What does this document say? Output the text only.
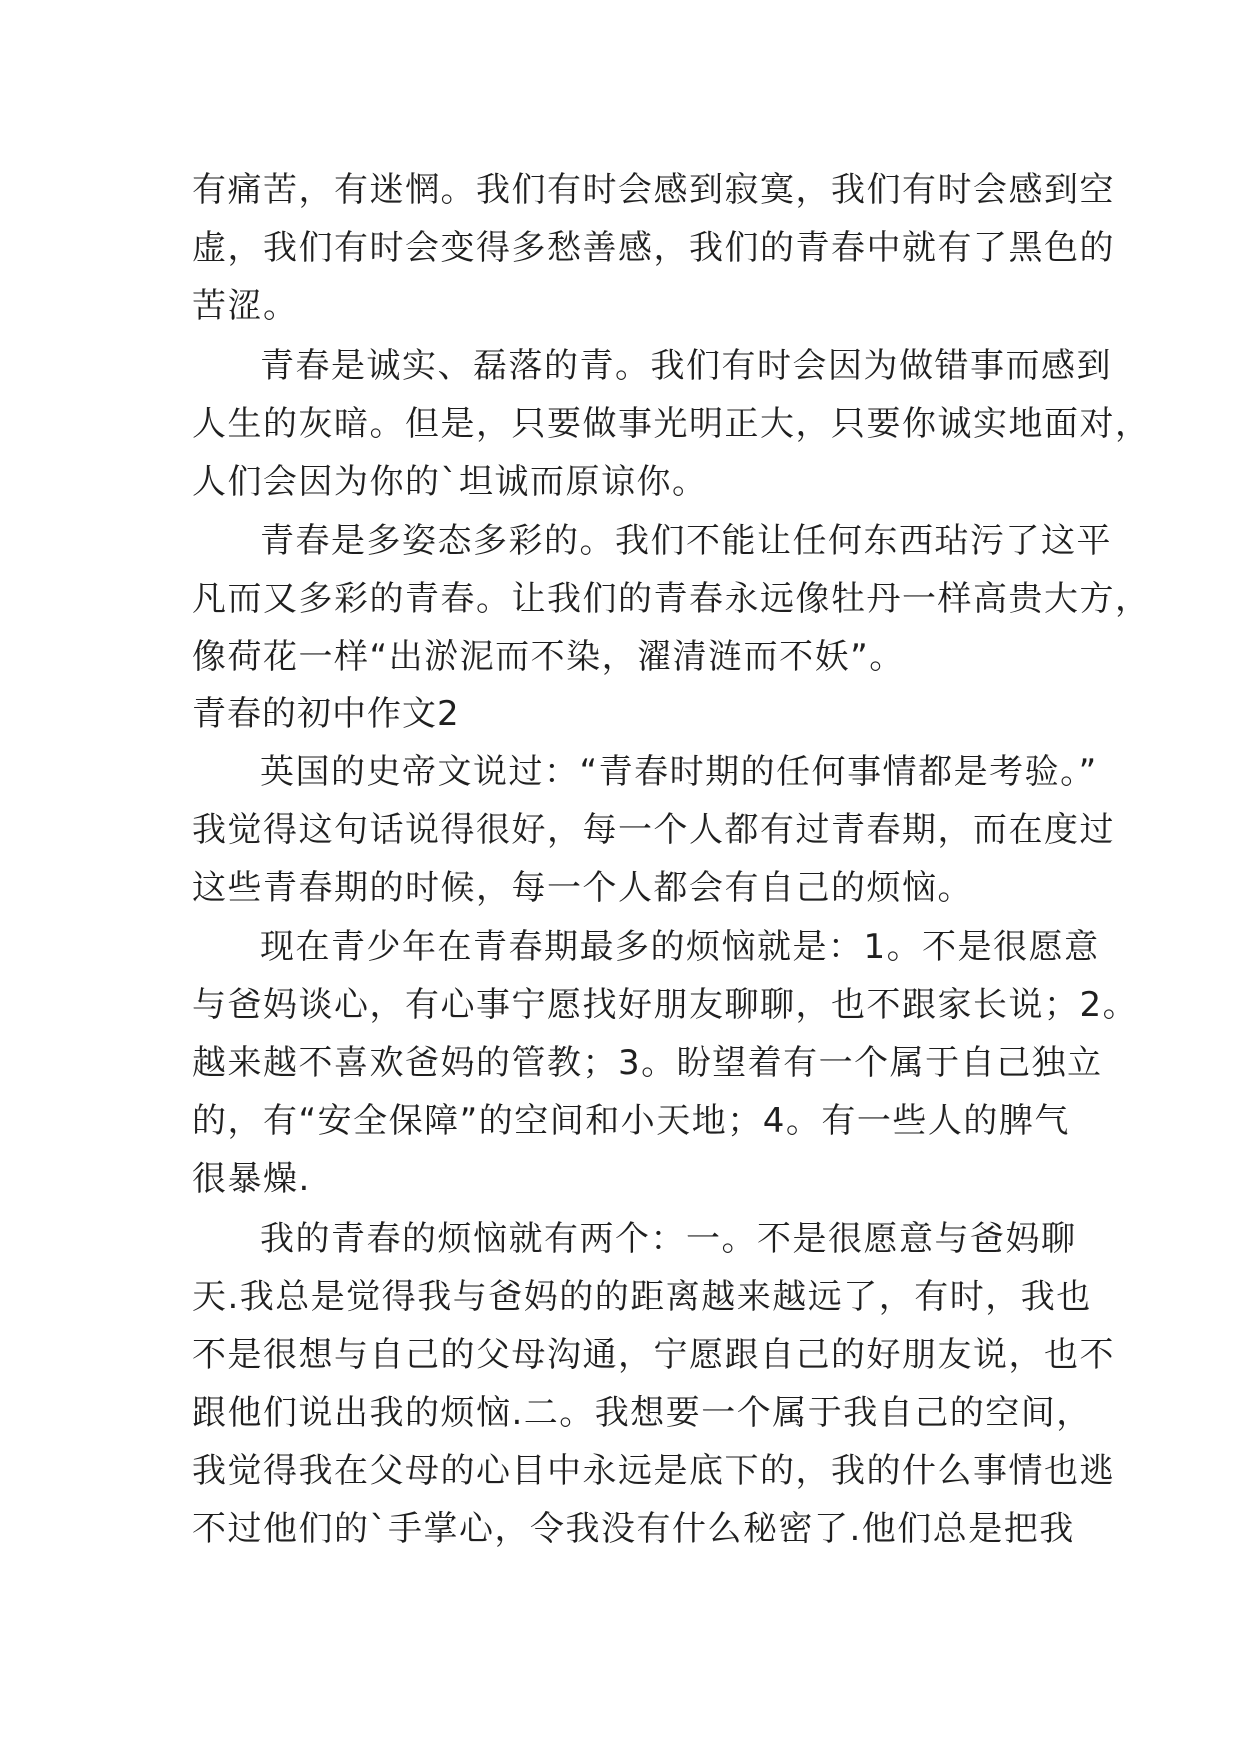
有痛苦，有迷惘。我们有时会感到寂寞，我们有时会感到空
虚，我们有时会变得多愁善感，我们的青春中就有了黑色的
苦涩。
青春是诚实、磊落的青。我们有时会因为做错事而感到
人生的灰暗。但是，只要做事光明正大，只要你诚实地面对，
人们会因为你的`坦诚而原谅你。
青春是多姿态多彩的。我们不能让任何东西玷污了这平
凡而又多彩的青春。让我们的青春永远像牡丹一样高贵大方，
像荷花一样“出淤泥而不染，濯清涟而不妖”。
青春的初中作文2
英国的史帝文说过：“青春时期的任何事情都是考验。”
我觉得这句话说得很好，每一个人都有过青春期，而在度过
这些青春期的时候，每一个人都会有自己的烦恼。
现在青少年在青春期最多的烦恼就是：1。不是很愿意
与爸妈谈心，有心事宁愿找好朋友聊聊，也不跟家长说；2。
越来越不喜欢爸妈的管教；3。盼望着有一个属于自己独立
的，有“安全保障”的空间和小天地；4。有一些人的脾气
很暴燥.
我的青春的烦恼就有两个：一。不是很愿意与爸妈聊
天.我总是觉得我与爸妈的的距离越来越远了，有时，我也
不是很想与自己的父母沟通，宁愿跟自己的好朋友说，也不
跟他们说出我的烦恼.二。我想要一个属于我自己的空间，
我觉得我在父母的心目中永远是底下的，我的什么事情也逃
不过他们的`手掌心，令我没有什么秘密了.他们总是把我
